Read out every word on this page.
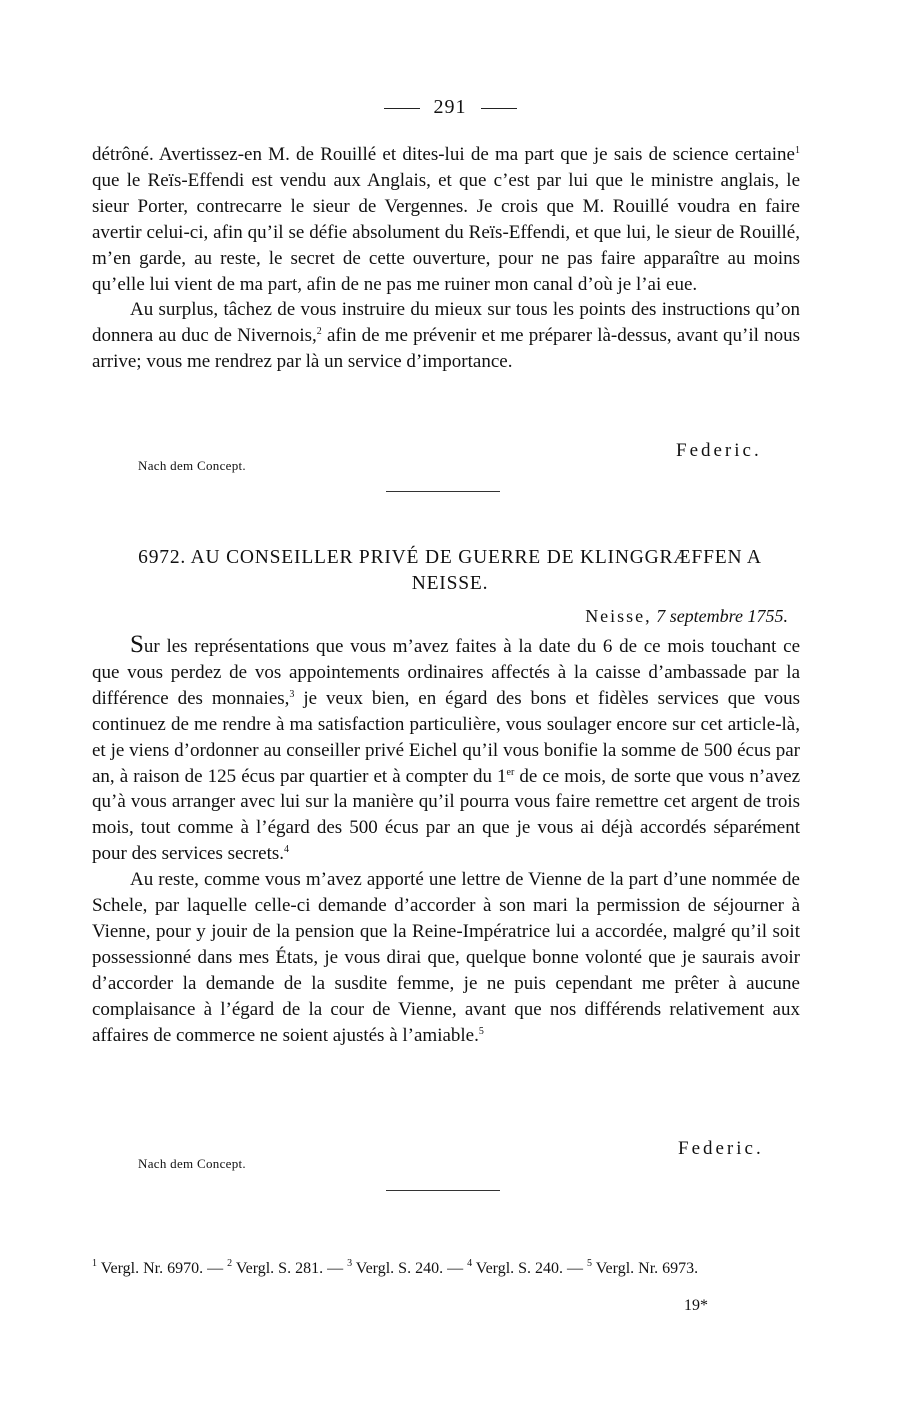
291

détrôné. Avertissez-en M. de Rouillé et dites-lui de ma part que je sais de science certaine$^1$ que le Reïs-Effendi est vendu aux Anglais, et que c’est par lui que le ministre anglais, le sieur Porter, contrecarre le sieur de Vergennes. Je crois que M. Rouillé voudra en faire avertir celui-ci, afin qu’il se défie absolument du Reïs-Effendi, et que lui, le sieur de Rouillé, m’en garde, au reste, le secret de cette ouverture, pour ne pas faire apparaître au moins qu’elle lui vient de ma part, afin de ne pas me ruiner mon canal d’où je l’ai eue.

Au surplus, tâchez de vous instruire du mieux sur tous les points des instructions qu’on donnera au duc de Nivernois,$^2$ afin de me prévenir et me préparer là-dessus, avant qu’il nous arrive; vous me rendrez par là un service d’importance.

Federic.
Nach dem Concept.
6972. AU CONSEILLER PRIVÉ DE GUERRE DE KLINGGRÆFFEN A NEISSE.
Neisse, 7 septembre 1755.

Sur les représentations que vous m’avez faites à la date du 6 de ce mois touchant ce que vous perdez de vos appointements ordinaires affectés à la caisse d’ambassade par la différence des monnaies,$^3$ je veux bien, en égard des bons et fidèles services que vous continuez de me rendre à ma satisfaction particulière, vous soulager encore sur cet article-là, et je viens d’ordonner au conseiller privé Eichel qu’il vous bonifie la somme de 500 écus par an, à raison de 125 écus par quartier et à compter du 1er de ce mois, de sorte que vous n’avez qu’à vous arranger avec lui sur la manière qu’il pourra vous faire remettre cet argent de trois mois, tout comme à l’égard des 500 écus par an que je vous ai déjà accordés séparément pour des services secrets.$^4$

Au reste, comme vous m’avez apporté une lettre de Vienne de la part d’une nommée de Schele, par laquelle celle-ci demande d’accorder à son mari la permission de séjourner à Vienne, pour y jouir de la pension que la Reine-Impératrice lui a accordée, malgré qu’il soit possessionné dans mes États, je vous dirai que, quelque bonne volonté que je saurais avoir d’accorder la demande de la susdite femme, je ne puis cependant me prêter à aucune complaisance à l’égard de la cour de Vienne, avant que nos différends relativement aux affaires de commerce ne soient ajustés à l’amiable.$^5$

Federic.
Nach dem Concept.
$^1$ Vergl. Nr. 6970. — $^2$ Vergl. S. 281. — $^3$ Vergl. S. 240. — $^4$ Vergl. S. 240. — $^5$ Vergl. Nr. 6973.
19*
